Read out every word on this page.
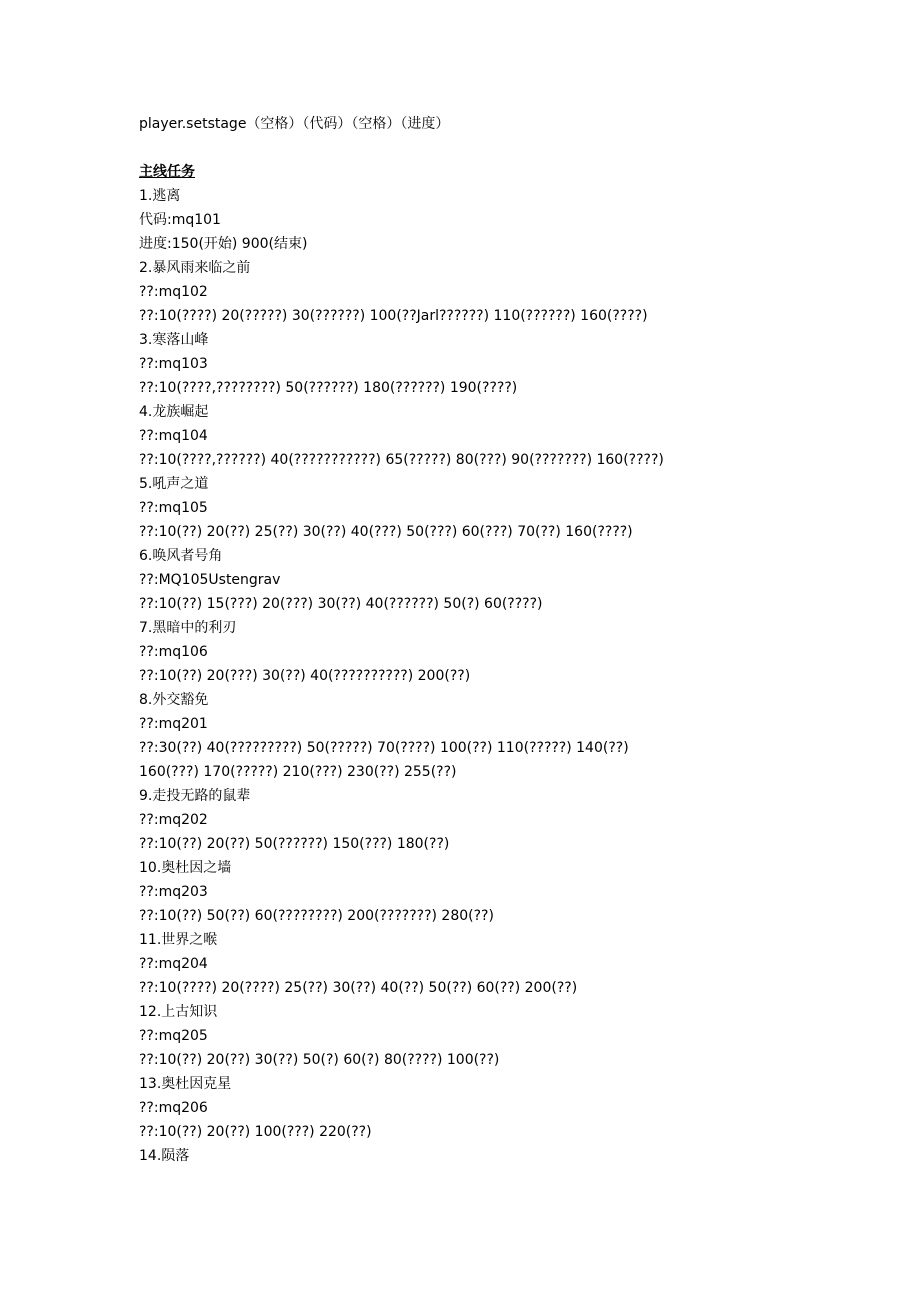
player.setstage（空格）（代码）（空格）（进度）
主线任务
1.逃离
代码:mq101
进度:150(开始) 900(结束)
2.暴风雨来临之前
??:mq102
??:10(????) 20(?????) 30(??????) 100(??Jarl??????) 110(??????) 160(????)
3.寒落山峰
??:mq103
??:10(????,????????) 50(??????) 180(??????) 190(????)
4.龙族崛起
??:mq104
??:10(????,??????) 40(???????????) 65(?????) 80(???) 90(???????) 160(????)
5.吼声之道
??:mq105
??:10(??) 20(??) 25(??) 30(??) 40(???) 50(???) 60(???) 70(??) 160(????)
6.唤风者号角
??:MQ105Ustengrav
??:10(??) 15(???) 20(???) 30(??) 40(??????) 50(?) 60(????)
7.黑暗中的利刃
??:mq106
??:10(??) 20(???) 30(??) 40(??????????) 200(??)
8.外交豁免
??:mq201
??:30(??) 40(?????????) 50(?????) 70(????) 100(??) 110(?????) 140(??)
160(???) 170(?????) 210(???) 230(??) 255(??)
9.走投无路的鼠辈
??:mq202
??:10(??) 20(??) 50(??????) 150(???) 180(??)
10.奥杜因之墙
??:mq203
??:10(??) 50(??) 60(????????) 200(???????) 280(??)
11.世界之喉
??:mq204
??:10(????) 20(????) 25(??) 30(??) 40(??) 50(??) 60(??) 200(??)
12.上古知识
??:mq205
??:10(??) 20(??) 30(??) 50(?) 60(?) 80(????) 100(??)
13.奥杜因克星
??:mq206
??:10(??) 20(??) 100(???) 220(??)
14.陨落
